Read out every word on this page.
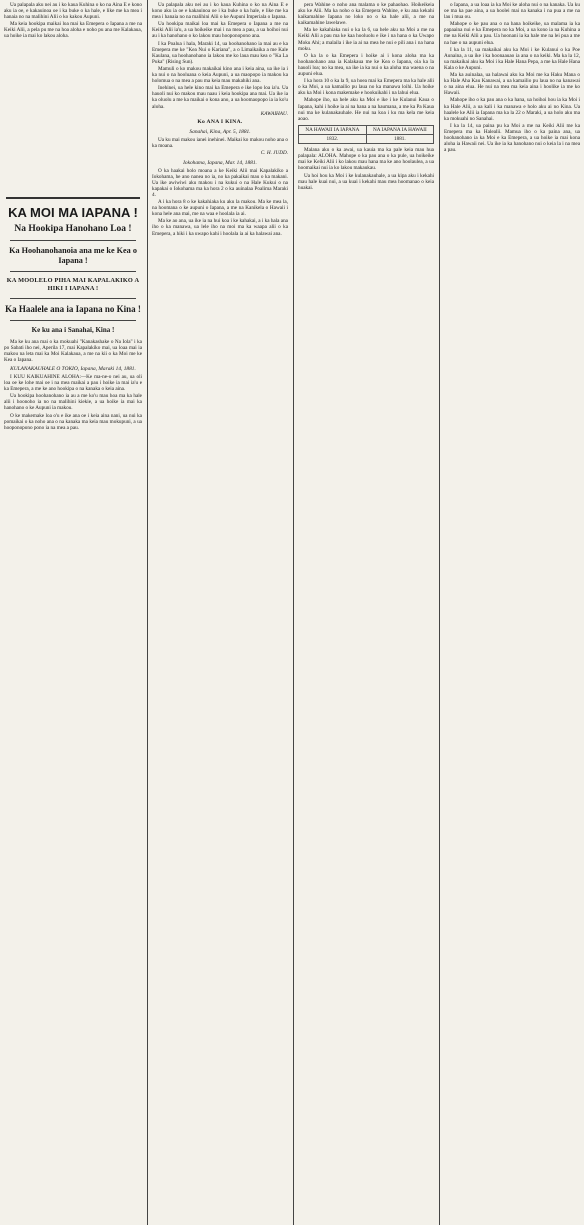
Ua palapala aku nei au i ko kaua Kuhina o ko na Aina E e kono aku ia oe, e kakauinoa oe i ka buke o ka hale, e like me ka mea i hanaia no na malihini Alii o ko kakou Aupuni.

Ma keia hookipa maikai loa mai ka Emepera o Iapana a me na Keiki Alii, a pela pu me na hoa aloha e noho pu ana me Kalakaua, ua hoike ia mai ko lakou aloha.

KA MOI MA IAPANA !
Na Hookipa Hanohano Loa !
Ka Hoohanohanoia ana me ke Kea o Iapana !
KA MOOLELO PIHA MAI KAPALAKIKO A HIKI I IAPANA !
Ka Haalele ana ia Iapana no Kina !
Ke ku ana i Sanahai, Kina !

Ma ke ku ana mai o ka mokuahi "Kanakashake o Na Iola" i ka po Sabati iho nei, Aperila 17, mai Kapalakiko mai, ua loaa mai ia makou na leta mai ka Moi Kalakaua, a me na kii o ka Moi me ke Kea o Iapana.

KULANAKAUHALE O TOKIO, Iapana, Maraki 14, 1881.

I KUU KAIKUAHINE ALOHA:—Ke ma-ne-o nei au, ua oli loa oe ke lohe mai oe i na mea maikai a pau i hoike ia mai ia'u e ka Emepera, a me ke ano hookipa o na kanaka o keia aina.

Ua hookipa hoohanohano ia au a me ko'u mau hoa ma ka hale alii i hoonoho ia no na malihini kiekie, a ua hoike ia mai ka hanohano o ke Aupuni ia makou.

O ke makemake loa o'u e ike ana oe i keia aina nani, ua nui ka pomaikai o ka noho ana o na kanaka ma keia mau mokupuni, a ua hooponopono pono ia na mea a pau.

Ua palapala aku nei au i ko kaua Kuhina o ko na Aina E e kono aku ia oe e kakauinoa oe i ka buke o ka hale, e like me ka mea i hanaia no na malihini Alii o ke Aupuni Imperiala o Iapana.

Ua hookipa maikai loa mai ka Emepera o Iapana a me na Keiki Alii ia'u, a ua hoikeike mai i na mea a pau, a ua hoihoi nui au i ka hanohano o ko lakou mau hooponopono ana.

I ka Poalua i hala, Maraki 14, ua hoohanohano ia mai au e ka Emepera me ke "Kea Nui o Kariana", a o Limaikaika a me Kale Kaulana, ua hoohanohano ia lakou me ko laua mau kea o "Ka La Puka" (Rising Sun).

Mamuli o ko makou makaikai kino ana i keia aina, ua ike ia i ka nui o na hooluana o keia Aupuni, a ua maopopo ia makou ka holomua o na mea a pau ma keia mau makahiki ana.

Inehinei, ua hele kino mai ka Emepera e ike lopo loa ia'u. Ua hauoli nui ko makou mau naau i keia hookipa ana mai. Ua ike ia ka oluolu a me ka maikai o kona ano, a ua hoomaopopo ia ia ko'u aloha.

KAWAIHAU.

Ko ANA I KINA.

Sanahai, Kina, Apr. 5, 1881.

Ua ku mai makou ianei inehinei. Maikai ko makou noho ana o ka moana.

C. H. JUDD.

Iokohama, Iapana, Mar. 14, 1881.

O ka haakai holo moana a ke Keiki Alii mai Kapalakiko a Iokohama, he ano nanea no ia, no ka pakaikai mau o ka makani. Ua ike awiwiwi aku makou i na kukui o na Hale Kukui o na kapakai o Iokohama ma ka hora 2 o ka auinalaa Poalima Maraki 4.

A i ka hora 8 o ke kakahiaka ku aku la makou. Ma ke mea la, na hoomana o ke aupuni o Iapana, a me na Kanikela o Hawaii i kona hele ana mai, me na waa e hoolala ia ai.

Ma ke ao ana, ua ike ia na hui koa i ke kahakai, a i ka hala ana iho o ka manawa, ua lele iho na moi ma ka waapa alii o ka Emepera, a hiki i ka uwapo kahi i hoolala ia ai ka halawai ana.

pera Wahine o noho ana malama o ke pahaohao. Hoikeikeia aku ke Alii. Ma ka noho o ka Emepera Wahine, e ku ana kekahi kaikamahine Iapana no loko no o ka hale alii, a me na kaikamahine lawelawe.

Ma ke kakahiaka nui o ka la 6, ua hele aku na Moi a me na Keiki Alii a pau ma ke kaa hooluolu e ike i na hana o ka Uwapo Moku Ahi; a malaila i ike ia ai na mea he nui e pili ana i na hana moku.

O ka la o ka Emepera i hoike ai i kona aloha ma ka hoohanohano ana ia Kalakaua me ke Kea o Iapana, oia ka la hauoli loa; no ka mea, ua ike ia ka nui o ka aloha ma waena o na aupuni elua.

I ka hora 10 o ka la 9, ua hoea mai ka Emepera ma ka hale alii o ka Moi, a ua kamailio pu laua no ka manawa loihi. Ua hoike aku ka Moi i kona makemake e hookuikahi i na lahui elua.

Mahope iho, ua hele aku ka Moi e ike i ke Kulanui Kaua o Iapana, kahi i hoike ia ai na hana a na haumana, a me ka Pa Kaua nui ma ke kulanakauhale. He nui na koa i ku ma kela me keia aoao.

NA HAWAII IA IAPANA	NA IAPANA IA HAWAII
1832.	1881.

Malana aku o ka awai, ua kauia ma ka pale keia mau hua palapala: ALOHA. Mahope o ka pau ana o ka pule, ua hoikeike mai ke Keiki Alii i ko lakou mau hana ma ke ano hoolaulea, a ua hoomaikai nui ia ko lakou makaukau.

Ua hoi hou ka Moi i ke kulanakauhale, a ua kipa aku i kekahi mau hale kuai nui, a ua kuai i kekahi mau mea hoomanao o keia huakai.

o Iapana, a ua loaa ia ka Moi ke aloha nui o na kanaka. Ua ku oe ma ka pae aina, a ua hoolei mai na kanaka i na pua a me na lau i mua ou.

Mahope o ke pau ana o na hana hoikeike, ua malama ia ka papaaina nui e ka Emepera no ka Moi, a ua kono ia na Kuhina a me na Keiki Alii a pau. Ua hoonani ia ka hale me na lei pua a me na hae o na aupuni elua.

I ka la 11, ua makaikai aku ka Moi i ke Kulanui o ka Poe Aunaina, a ua ike i ka hoonaauao ia ana o na keiki. Ma ka la 12, ua makaikai aku ka Moi i ka Hale Hana Pepa, a me ka Hale Hana Kala o ke Aupuni.

Ma ka auinalaa, ua halawai aku ka Moi me ka Haku Mana o ka Hale Aha Kau Kanawai, a ua kamailio pu laua no na kanawai o na aina elua. He nui na mea ma keia aina i hoolike ia me ko Hawaii.

Mahope iho o ka pau ana o ka hana, ua hoihoi hou ia ka Moi i ka Hale Alii, a ua kali i ka manawa e holo aku ai no Kina. Ua haalele ke Alii ia Iapana ma ka la 22 o Maraki, a ua holo aku ma ka mokuahi no Sanahai.

I ka la 14, ua paina pu ka Moi a me na Keiki Alii me ka Emepera ma ka Halealii. Mamua iho o ka paina ana, ua hoohanohano ia ka Moi e ka Emepera, a ua hoike ia mai kona aloha ia Hawaii nei. Ua ike ia ka hanohano nui o keia la i na mea a pau.
